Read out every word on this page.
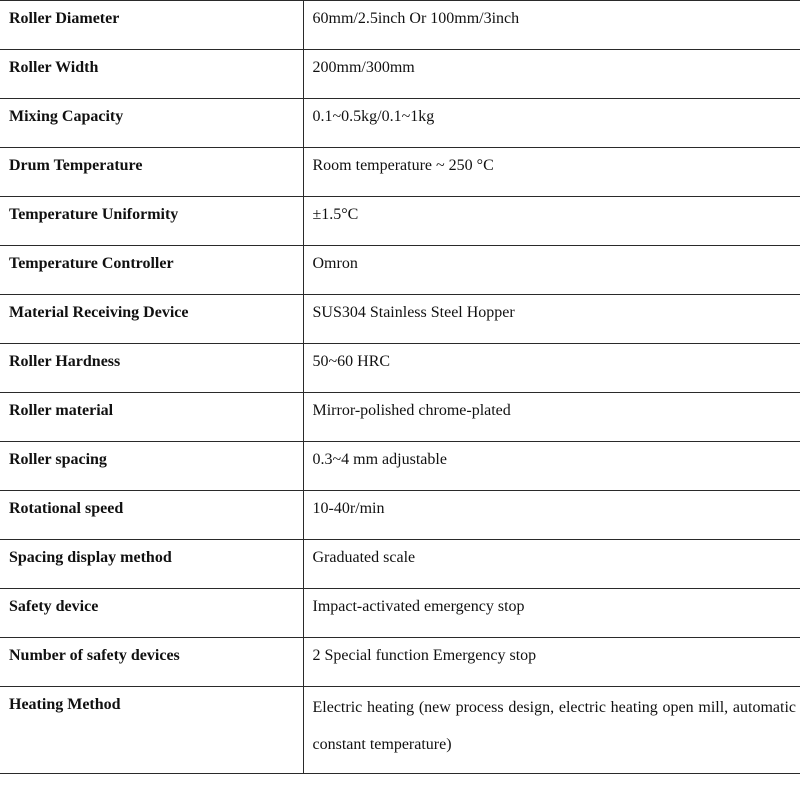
Roller Diameter	60mm/2.5inch Or 100mm/3inch
Roller Width	200mm/300mm
Mixing Capacity	0.1~0.5kg/0.1~1kg
Drum Temperature	Room temperature ~ 250 °C
Temperature Uniformity	±1.5°C
Temperature Controller	Omron
Material Receiving Device	SUS304 Stainless Steel Hopper
Roller Hardness	50~60 HRC
Roller material	Mirror-polished chrome-plated
Roller spacing	0.3~4 mm adjustable
Rotational speed	10-40r/min
Spacing display method	Graduated scale
Safety device	Impact-activated emergency stop
Number of safety devices	2 Special function Emergency stop
Heating Method	Electric heating (new process design, electric heating open mill, automatic constant temperature)
